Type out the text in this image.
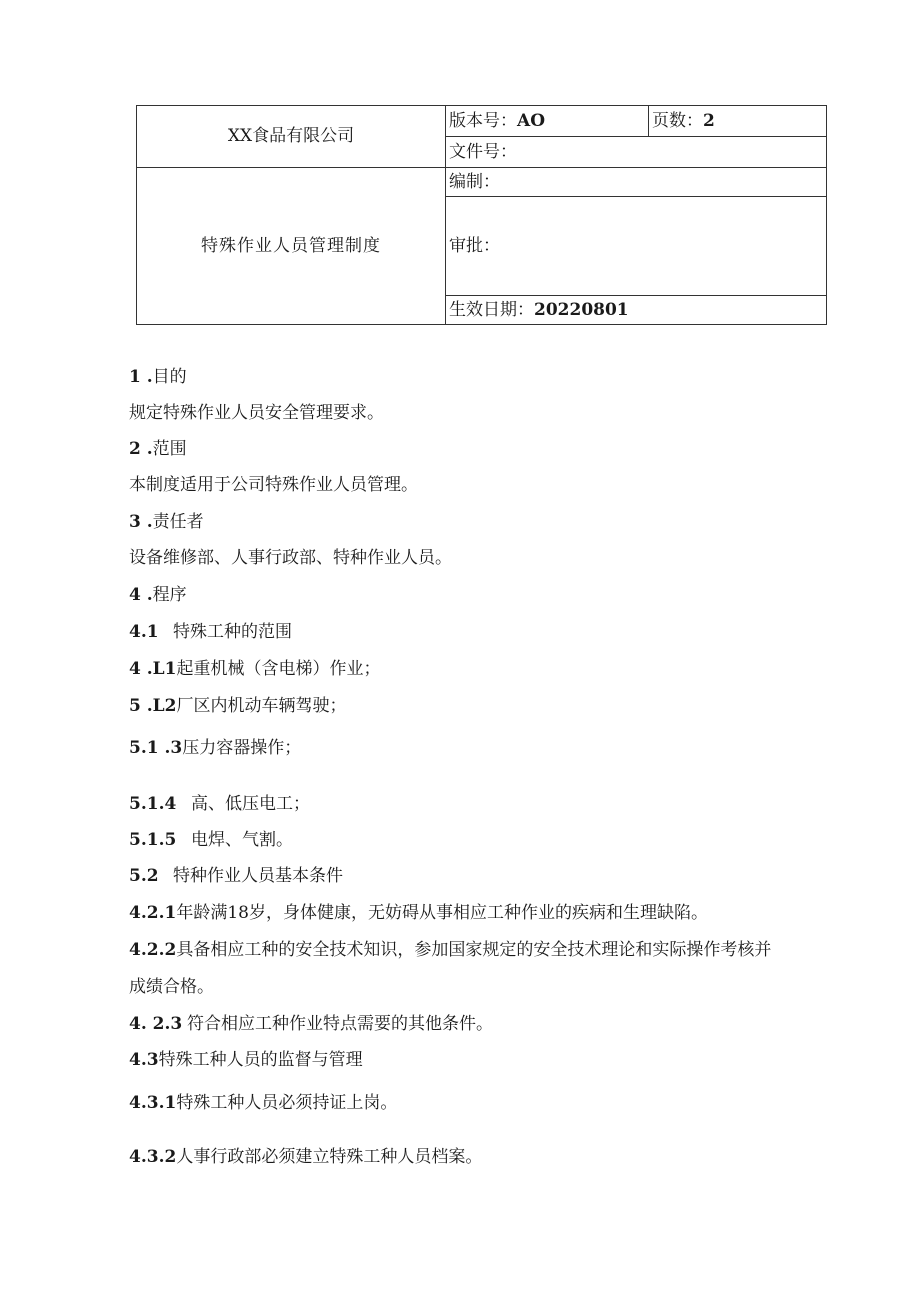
XX食品有限公司	版本号：AO	页数：2
	文件号：	
特殊作业人员管理制度	编制：	
	审批：	
	生效日期：20220801	
1 .目的
规定特殊作业人员安全管理要求。
2 .范围
本制度适用于公司特殊作业人员管理。
3 .责任者
设备维修部、人事行政部、特种作业人员。
4 .程序
4.1 特殊工种的范围
4 .L1起重机械（含电梯）作业；
5 .L2厂区内机动车辆驾驶；
5.1 .3压力容器操作；
5.1.4 高、低压电工；
5.1.5 电焊、气割。
5.2 特种作业人员基本条件
4.2.1年龄满18岁，身体健康，无妨碍从事相应工种作业的疾病和生理缺陷。
4.2.2具备相应工种的安全技术知识，参加国家规定的安全技术理论和实际操作考核并
成绩合格。
4. 2.3 符合相应工种作业特点需要的其他条件。
4.3特殊工种人员的监督与管理
4.3.1特殊工种人员必须持证上岗。
4.3.2人事行政部必须建立特殊工种人员档案。
